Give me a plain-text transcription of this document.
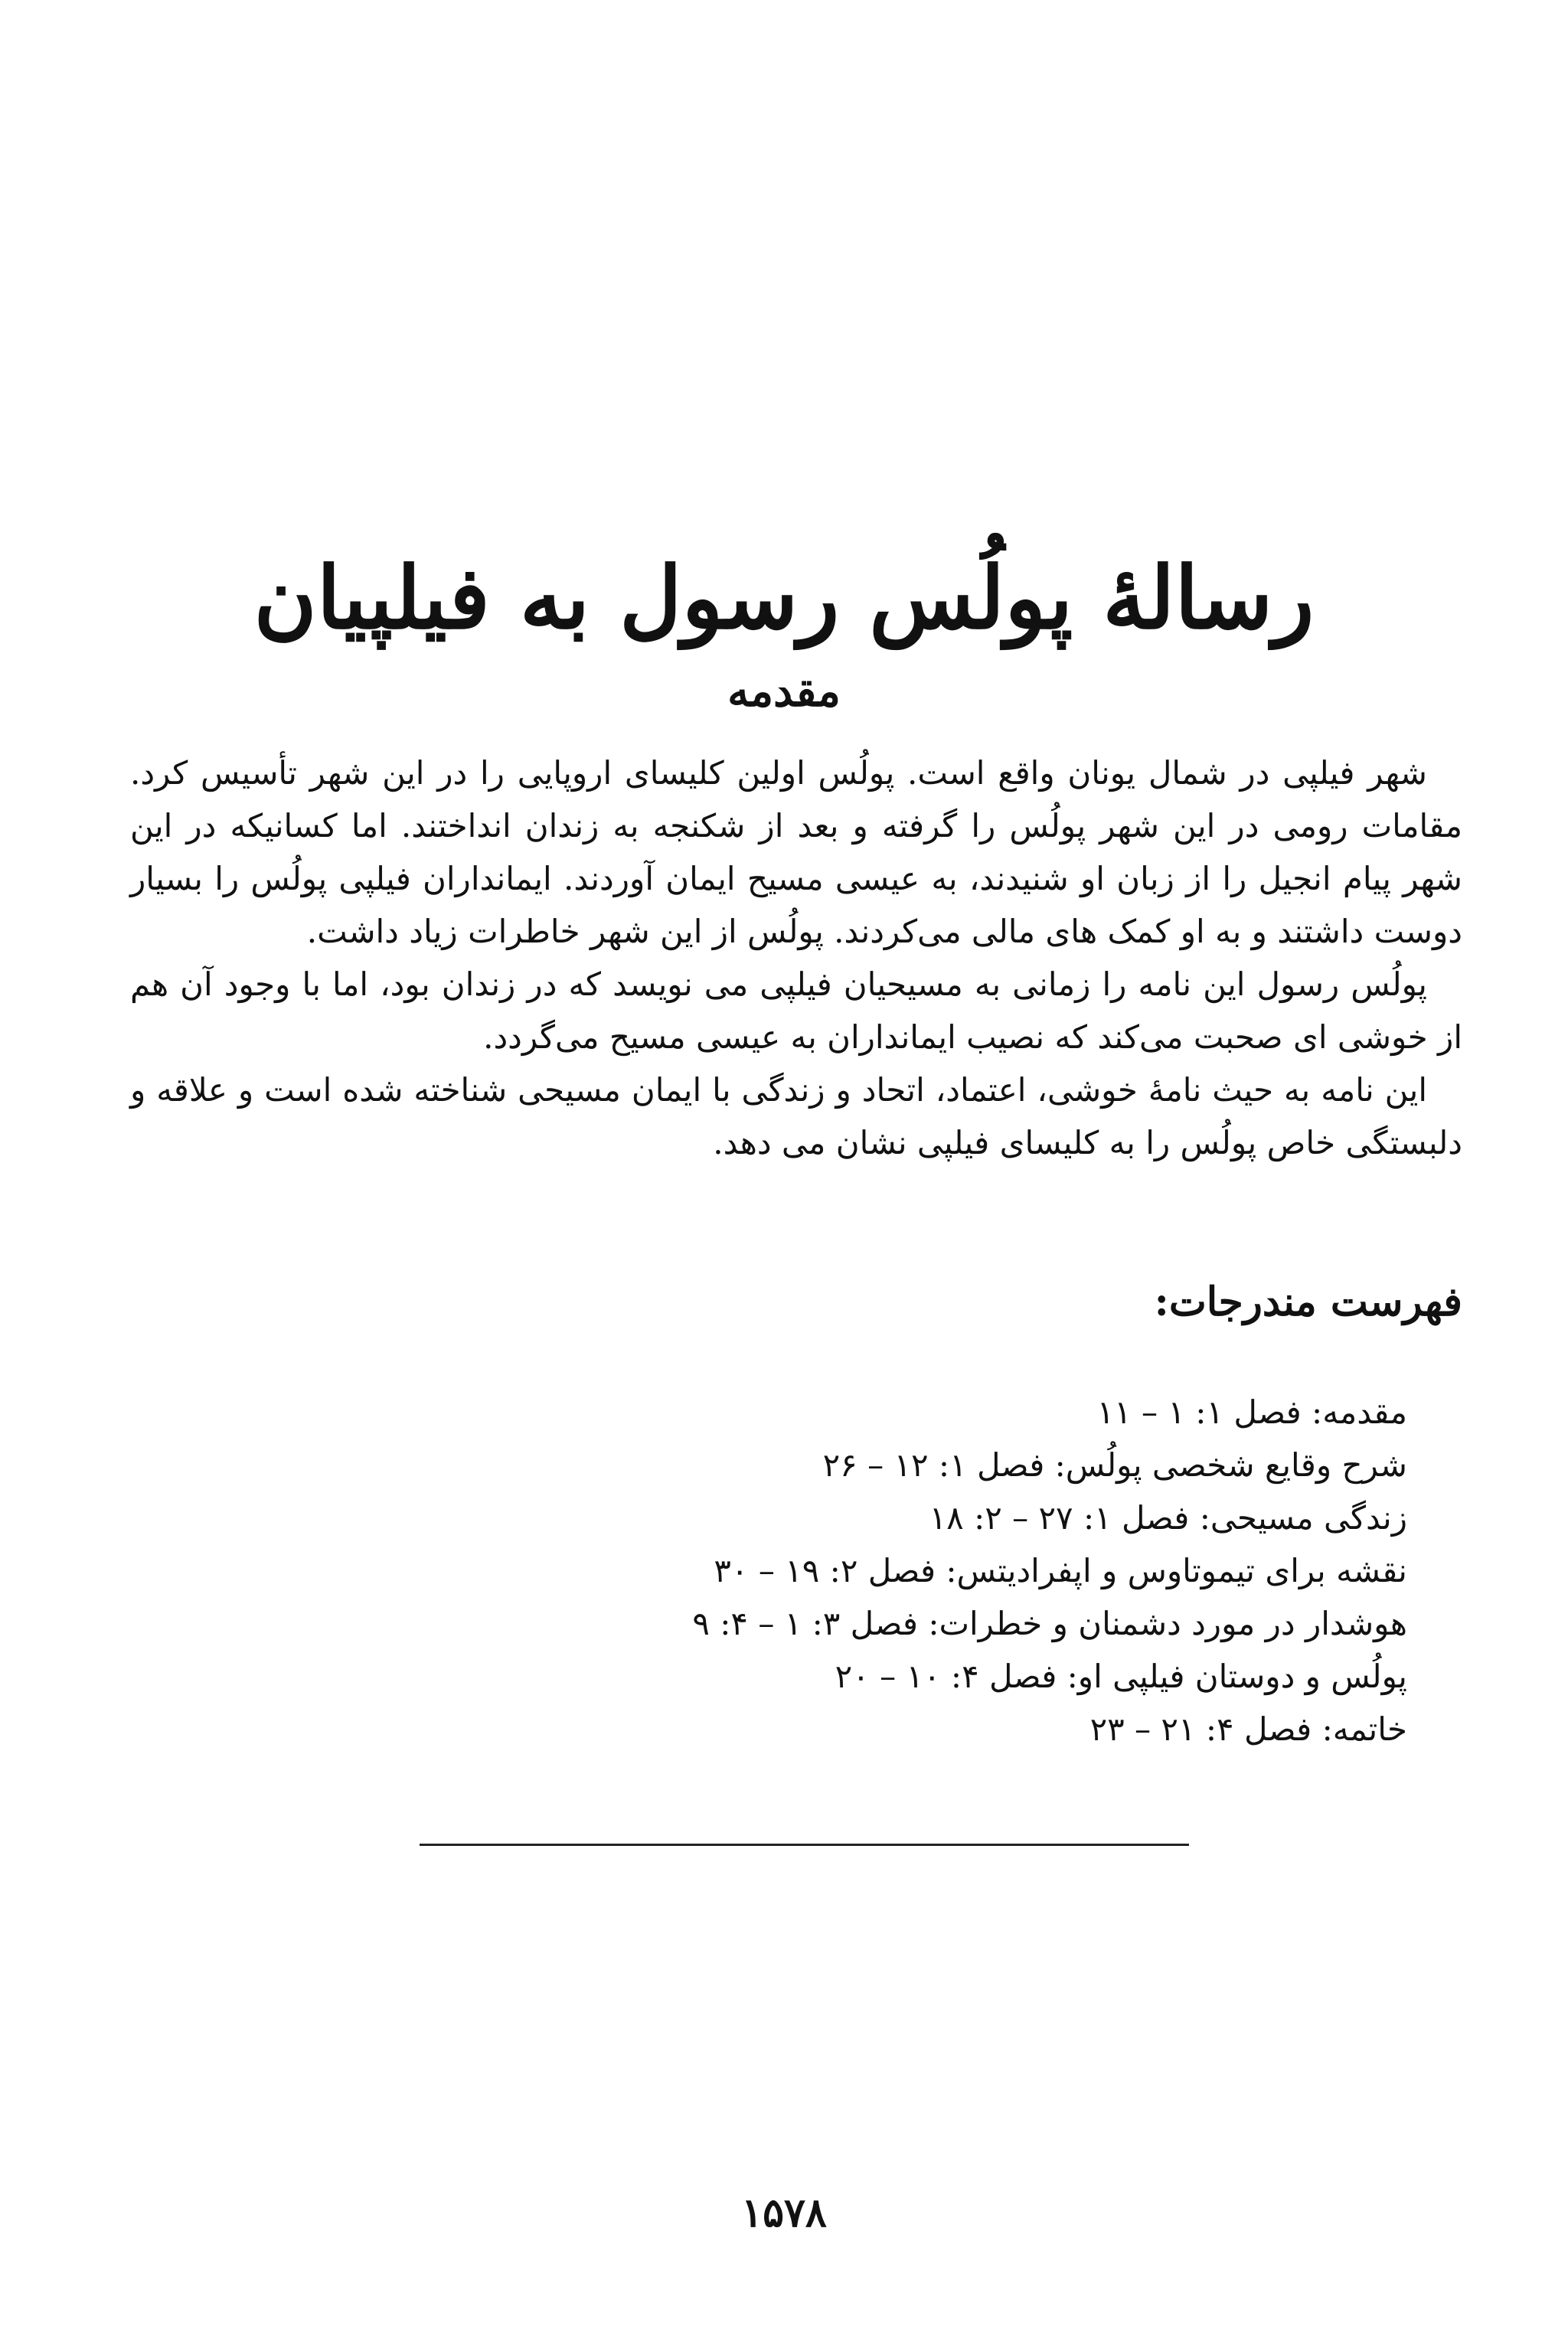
رسالهٔ پولُس رسول به فیلپیان
مقدمه

شهر فیلپی در شمال یونان واقع است. پولُس اولین کلیسای اروپایی را در این شهر تأسیس کرد. مقامات رومی در این شهر پولُس را گرفته و بعد از شکنجه به زندان انداختند. اما کسانیکه در این شهر پیام انجیل را از زبان او شنیدند، به عیسی مسیح ایمان آوردند. ایمانداران فیلپی پولُس را بسیار دوست داشتند و به او کمک های مالی می‌کردند. پولُس از این شهر خاطرات زیاد داشت.

پولُس رسول این نامه را زمانی به مسیحیان فیلپی می نویسد که در زندان بود، اما با وجود آن هم از خوشی ای صحبت می‌کند که نصیب ایمانداران به عیسی مسیح می‌گردد.

این نامه به حیث نامهٔ خوشی، اعتماد، اتحاد و زندگی با ایمان مسیحی شناخته شده است و علاقه و دلبستگی خاص پولُس را به کلیسای فیلپی نشان می دهد.

فهرست مندرجات:
مقدمه: فصل ۱: ۱ – ۱۱
شرح وقایع شخصی پولُس: فصل ۱: ۱۲ – ۲۶
زندگی مسیحی: فصل ۱: ۲۷ – ۲: ۱۸
نقشه برای تیموتاوس و اپفرادیتس: فصل ۲: ۱۹ – ۳۰
هوشدار در مورد دشمنان و خطرات: فصل ۳: ۱ – ۴: ۹
پولُس و دوستان فیلپی او: فصل ۴: ۱۰ – ۲۰
خاتمه: فصل ۴: ۲۱ – ۲۳
۱۵۷۸
